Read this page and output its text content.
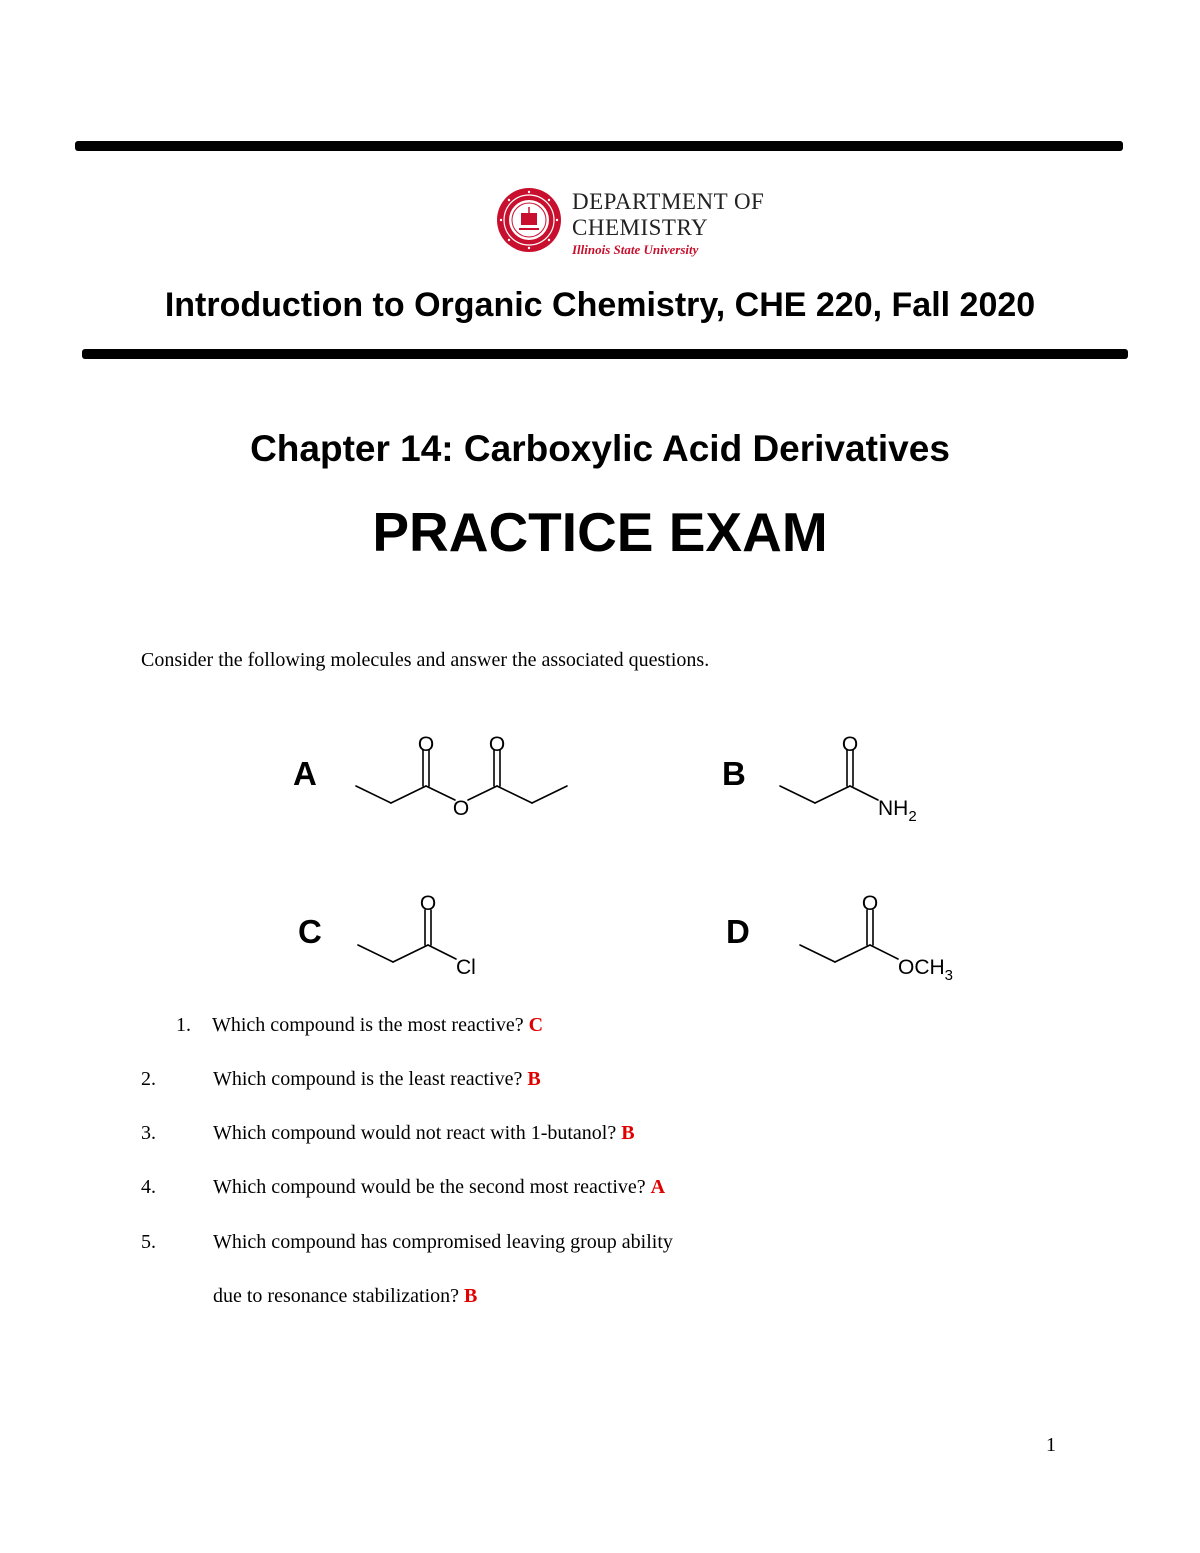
DEPARTMENT OF
CHEMISTRY
Illinois State University
Introduction to Organic Chemistry, CHE 220, Fall 2020
Chapter 14: Carboxylic Acid Derivatives
PRACTICE EXAM
Consider the following molecules and answer the associated questions.
A	B
C	D
O	O
O
O
O	O
$NH_2$
Cl	$OCH_3$
1. Which compound is the most reactive? C
2.	Which compound is the least reactive? B
3.	Which compound would not react with 1-butanol? B
4.	Which compound would be the second most reactive? A
5.	Which compound has compromised leaving group ability
due to resonance stabilization? B
1
